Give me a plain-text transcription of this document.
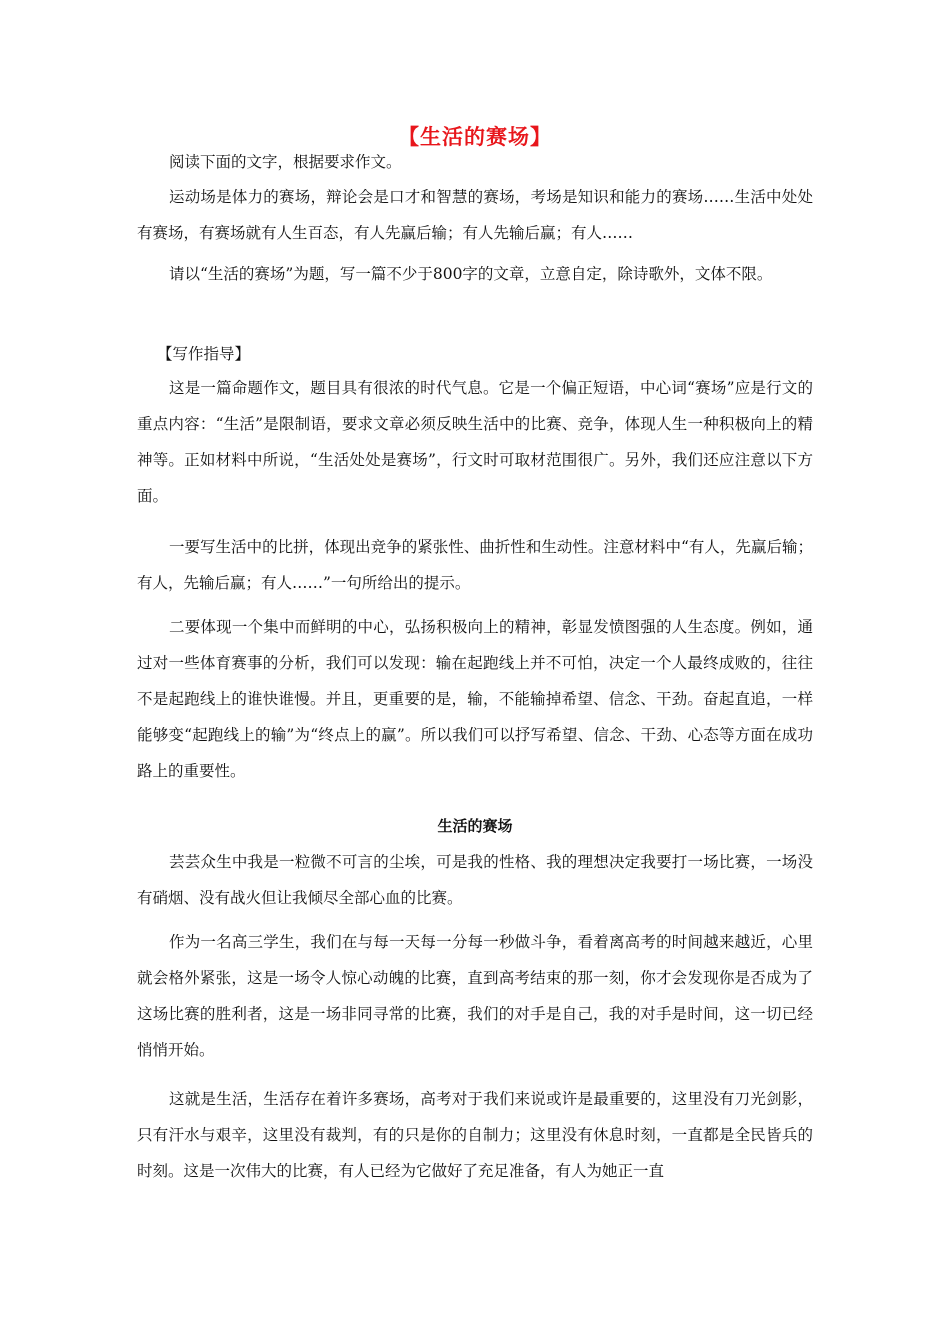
【生活的赛场】

阅读下面的文字，根据要求作文。

运动场是体力的赛场，辩论会是口才和智慧的赛场，考场是知识和能力的赛场……生活中处处有赛场，有赛场就有人生百态，有人先赢后输；有人先输后赢；有人……

请以“生活的赛场”为题，写一篇不少于800字的文章，立意自定，除诗歌外，文体不限。

【写作指导】

这是一篇命题作文，题目具有很浓的时代气息。它是一个偏正短语，中心词“赛场”应是行文的重点内容：“生活”是限制语，要求文章必须反映生活中的比赛、竞争，体现人生一种积极向上的精神等。正如材料中所说，“生活处处是赛场”，行文时可取材范围很广。另外，我们还应注意以下方面。

一要写生活中的比拼，体现出竞争的紧张性、曲折性和生动性。注意材料中“有人，先赢后输；有人，先输后赢；有人……”一句所给出的提示。

二要体现一个集中而鲜明的中心，弘扬积极向上的精神，彰显发愤图强的人生态度。例如，通过对一些体育赛事的分析，我们可以发现：输在起跑线上并不可怕，决定一个人最终成败的，往往不是起跑线上的谁快谁慢。并且，更重要的是，输，不能输掉希望、信念、干劲。奋起直追，一样能够变“起跑线上的输”为“终点上的赢”。所以我们可以抒写希望、信念、干劲、心态等方面在成功路上的重要性。

生活的赛场

芸芸众生中我是一粒微不可言的尘埃，可是我的性格、我的理想决定我要打一场比赛，一场没有硝烟、没有战火但让我倾尽全部心血的比赛。

作为一名高三学生，我们在与每一天每一分每一秒做斗争，看着离高考的时间越来越近，心里就会格外紧张，这是一场令人惊心动魄的比赛，直到高考结束的那一刻，你才会发现你是否成为了这场比赛的胜利者，这是一场非同寻常的比赛，我们的对手是自己，我的对手是时间，这一切已经悄悄开始。

这就是生活，生活存在着许多赛场，高考对于我们来说或许是最重要的，这里没有刀光剑影，只有汗水与艰辛，这里没有裁判，有的只是你的自制力；这里没有休息时刻，一直都是全民皆兵的时刻。这是一次伟大的比赛，有人已经为它做好了充足准备，有人为她正一直
